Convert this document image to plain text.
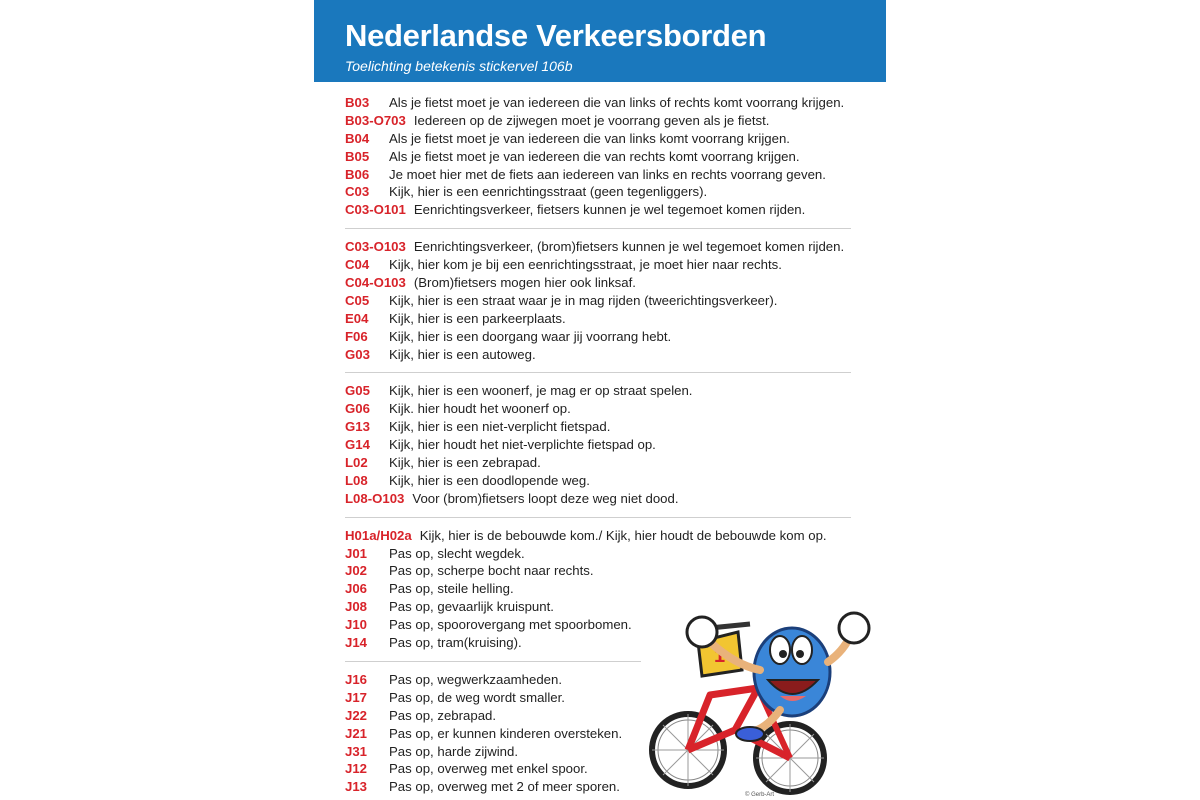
Nederlandse Verkeersborden

Toelichting betekenis stickervel 106b

B03 Als je fietst moet je van iedereen die van links of rechts komt voorrang krijgen.
B03-O703 Iedereen op de zijwegen moet je voorrang geven als je fietst.
B04 Als je fietst moet je van iedereen die van links komt voorrang krijgen.
B05 Als je fietst moet je van iedereen die van rechts komt voorrang krijgen.
B06 Je moet hier met de fiets aan iedereen van links en rechts voorrang geven.
C03 Kijk, hier is een eenrichtingsstraat (geen tegenliggers).
C03-O101 Eenrichtingsverkeer, fietsers kunnen je wel tegemoet komen rijden.
C03-O103 Eenrichtingsverkeer, (brom)fietsers kunnen je wel tegemoet komen rijden.
C04 Kijk, hier kom je bij een eenrichtingsstraat, je moet hier naar rechts.
C04-O103 (Brom)fietsers mogen hier ook linksaf.
C05 Kijk, hier is een straat waar je in mag rijden (tweerichtingsverkeer).
E04 Kijk, hier is een parkeerplaats.
F06 Kijk, hier is een doorgang waar jij voorrang hebt.
G03 Kijk, hier is een autoweg.
G05 Kijk, hier is een woonerf, je mag er op straat spelen.
G06 Kijk. hier houdt het woonerf op.
G13 Kijk, hier is een niet-verplicht fietspad.
G14 Kijk, hier houdt het niet-verplichte fietspad op.
L02 Kijk, hier is een zebrapad.
L08 Kijk, hier is een doodlopende weg.
L08-O103 Voor (brom)fietsers loopt deze weg niet dood.
H01a/H02a Kijk, hier is de bebouwde kom./ Kijk, hier houdt de bebouwde kom op.
J01 Pas op, slecht wegdek.
J02 Pas op, scherpe bocht naar rechts.
J06 Pas op, steile helling.
J08 Pas op, gevaarlijk kruispunt.
J10 Pas op, spoorovergang met spoorbomen.
J14 Pas op, tram(kruising).
J16 Pas op, wegwerkzaamheden.
J17 Pas op, de weg wordt smaller.
J22 Pas op, zebrapad.
J21 Pas op, er kunnen kinderen oversteken.
J31 Pas op, harde zijwind.
J12 Pas op, overweg met enkel spoor.
J13 Pas op, overweg met 2 of meer sporen.
1
© Gerb-Art
